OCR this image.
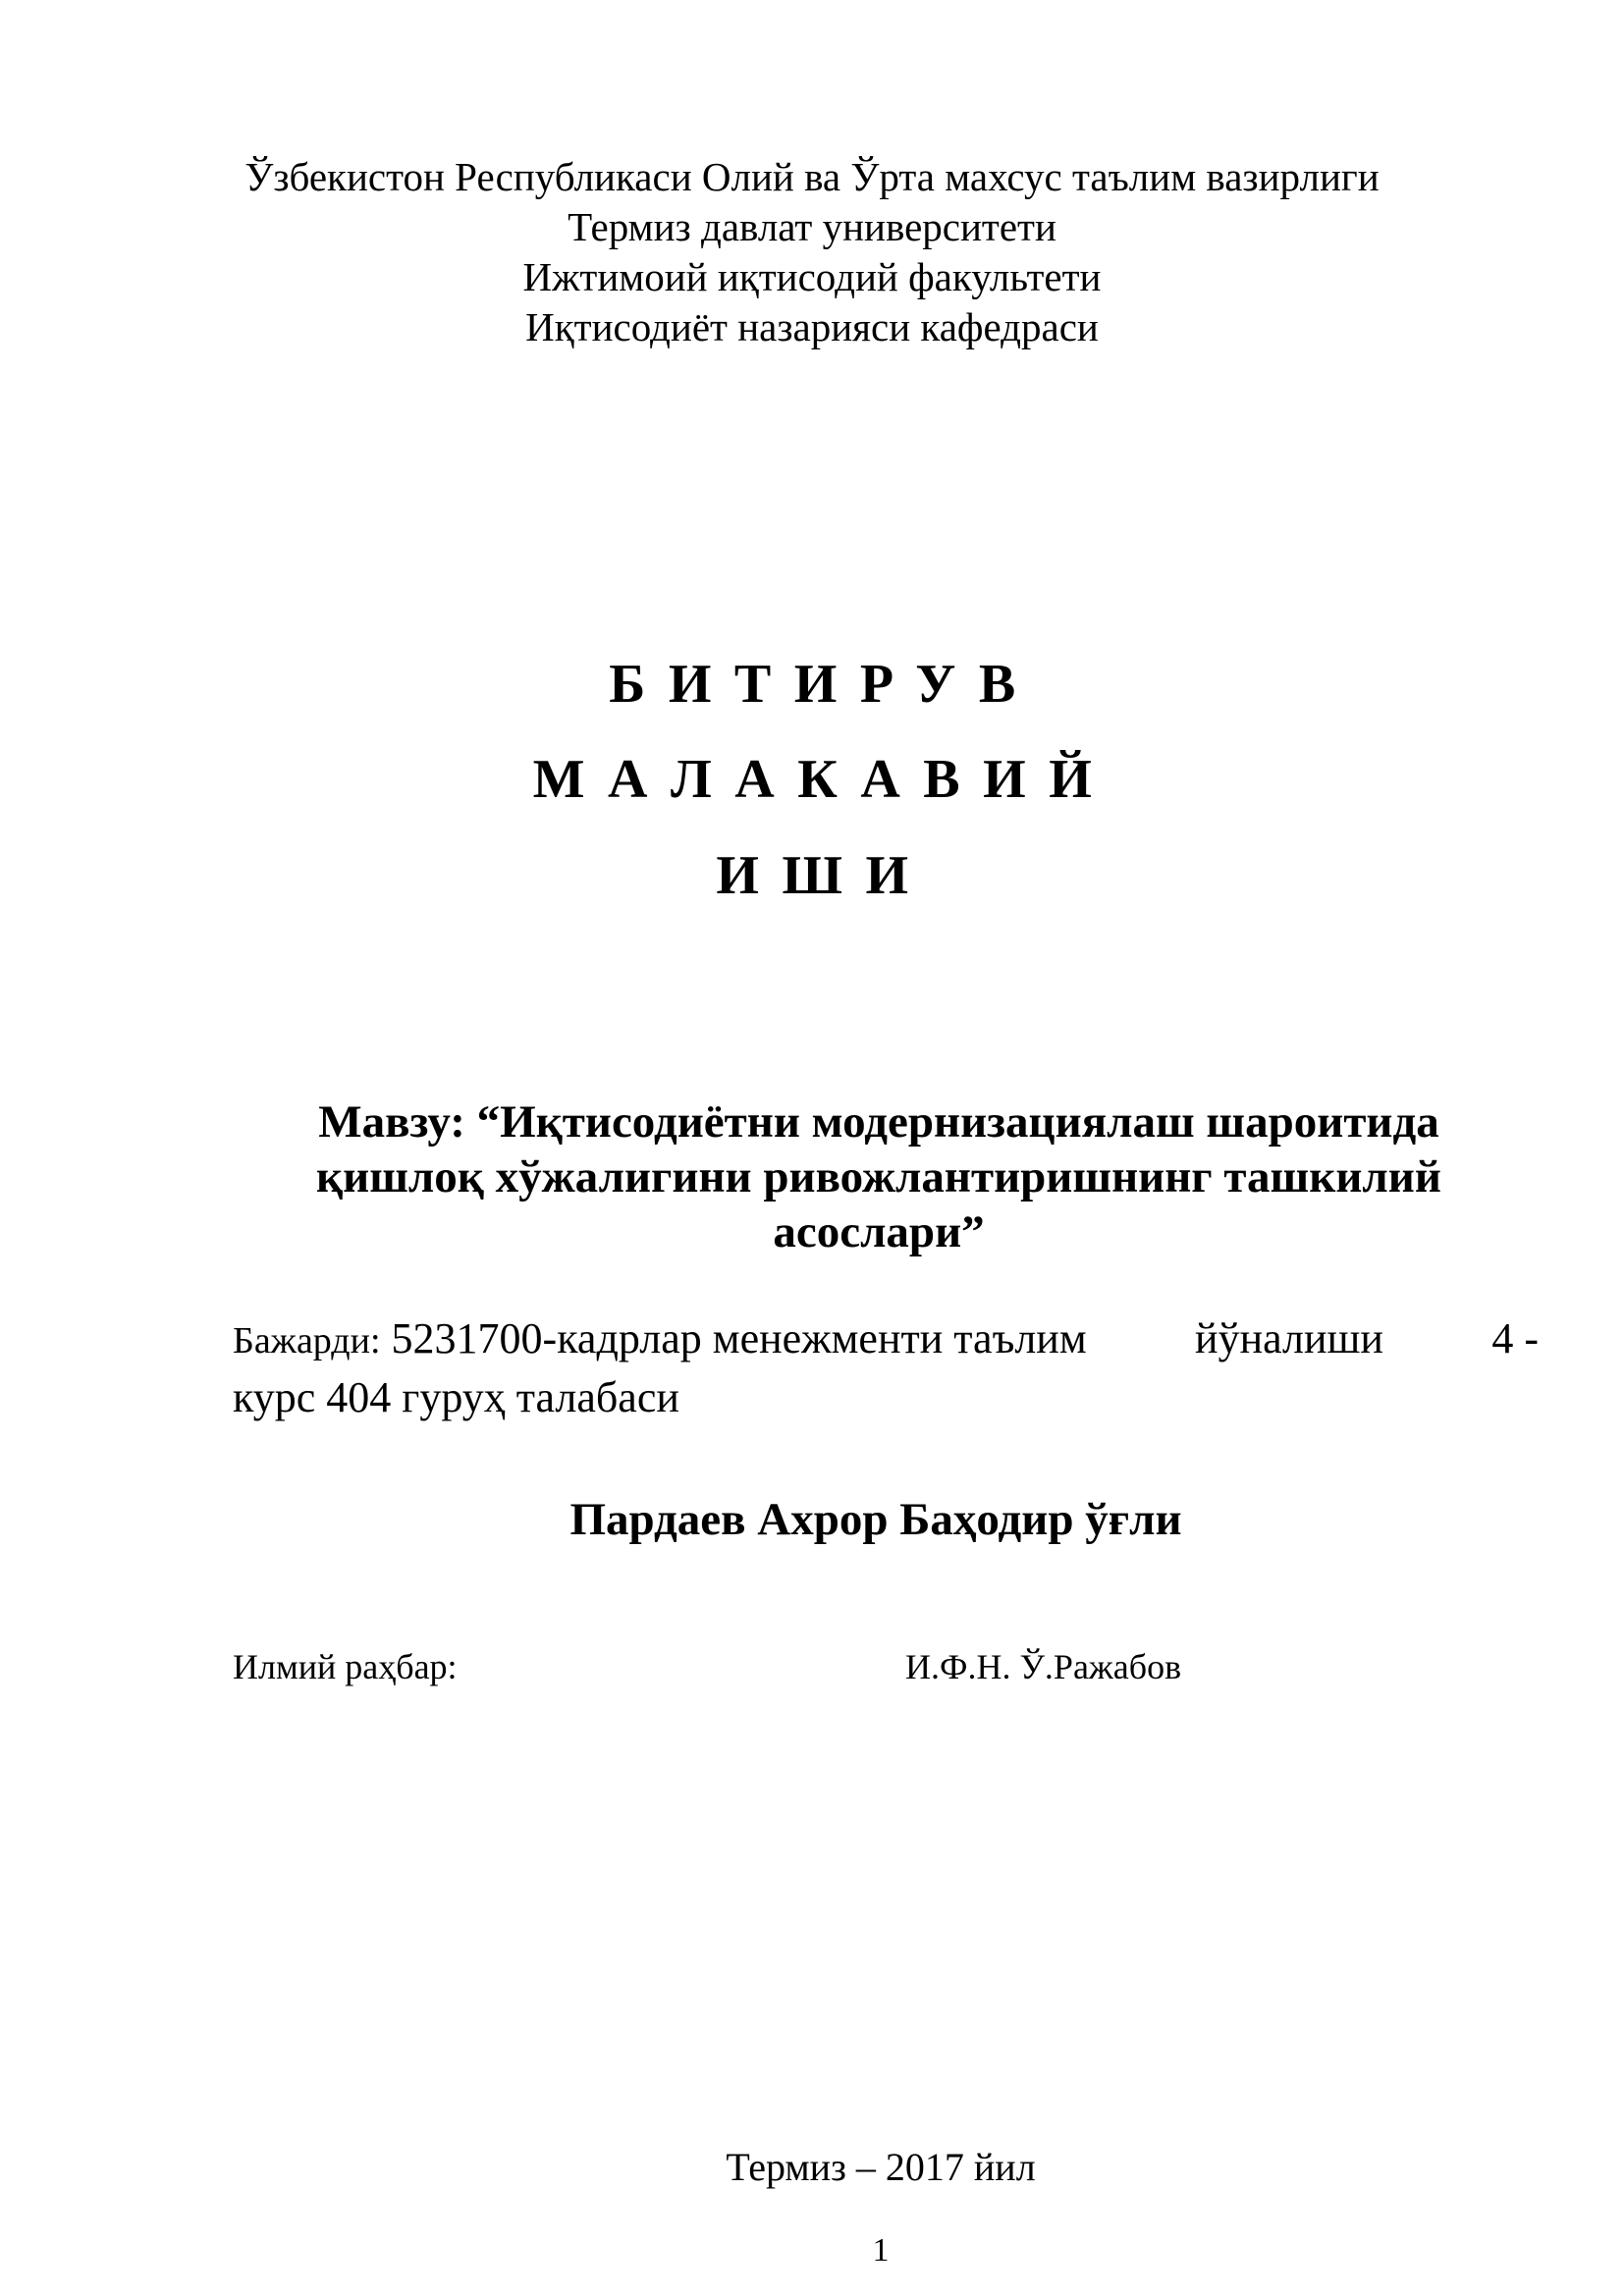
Ўзбекистон Республикаси Олий ва Ўрта махсус таълим вазирлиги
Термиз давлат университети
Ижтимоий иқтисодий факультети
Иқтисодиёт назарияси кафедраси
БИТИРУВ
МАЛАКАВИЙ
ИШИ
Мавзу: “Иқтисодиётни модернизациялаш шароитида
қишлоқ хўжалигини ривожлантиришнинг ташкилий
асослари”
Бажарди: 5231700-кадрлар менежменти таълим	йўналиши	4 -
курс 404 гуруҳ талабаси
Пардаев Ахрор Баҳодир ўғли
Илмий раҳбар:	И.Ф.Н. Ў.Ражабов
Термиз – 2017 йил
1
